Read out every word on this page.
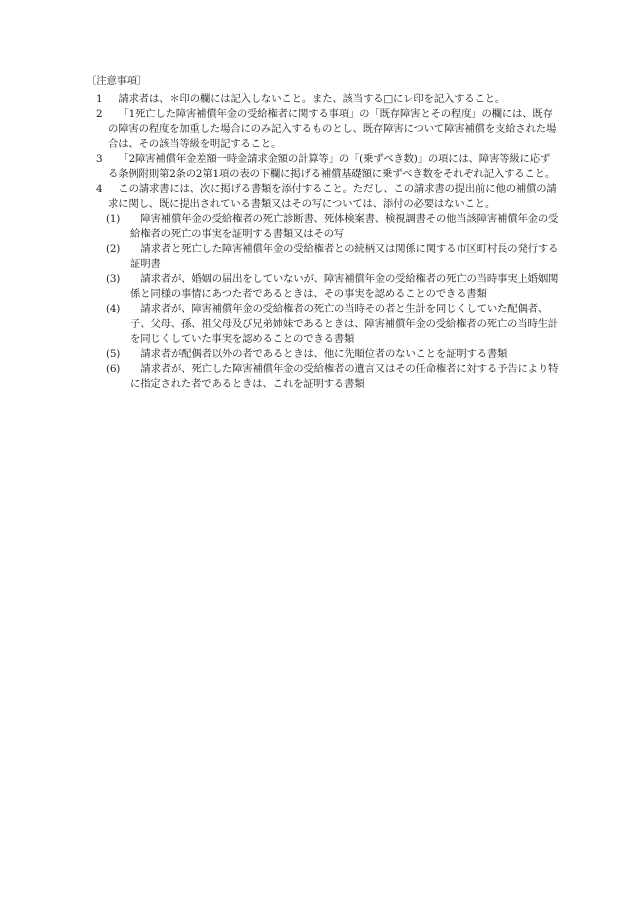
〔注意事項〕
1	請求者は、＊印の欄には記入しないこと。また、該当する□にレ印を記入すること。
2	「1死亡した障害補償年金の受給権者に関する事項」の「既存障害とその程度」の欄には、既存の障害の程度を加重した場合にのみ記入するものとし、既存障害について障害補償を支給された場合は、その該当等級を明記すること。
3	「2障害補償年金差額一時金請求金額の計算等」の「(乗ずべき数)」の項には、障害等級に応ずる条例附則第2条の2第1項の表の下欄に掲げる補償基礎額に乗ずべき数をそれぞれ記入すること。
4	この請求書には、次に掲げる書類を添付すること。ただし、この請求書の提出前に他の補償の請求に関し、既に提出されている書類又はその写については、添付の必要はないこと。
(1)	障害補償年金の受給権者の死亡診断書、死体検案書、検視調書その他当該障害補償年金の受給権者の死亡の事実を証明する書類又はその写
(2)	請求者と死亡した障害補償年金の受給権者との続柄又は関係に関する市区町村長の発行する証明書
(3)	請求者が、婚姻の届出をしていないが、障害補償年金の受給権者の死亡の当時事実上婚姻関係と同様の事情にあつた者であるときは、その事実を認めることのできる書類
(4)	請求者が、障害補償年金の受給権者の死亡の当時その者と生計を同じくしていた配偶者、子、父母、孫、祖父母及び兄弟姉妹であるときは、障害補償年金の受給権者の死亡の当時生計を同じくしていた事実を認めることのできる書類
(5)	請求者が配偶者以外の者であるときは、他に先順位者のないことを証明する書類
(6)	請求者が、死亡した障害補償年金の受給権者の遺言又はその任命権者に対する予告により特に指定された者であるときは、これを証明する書類
